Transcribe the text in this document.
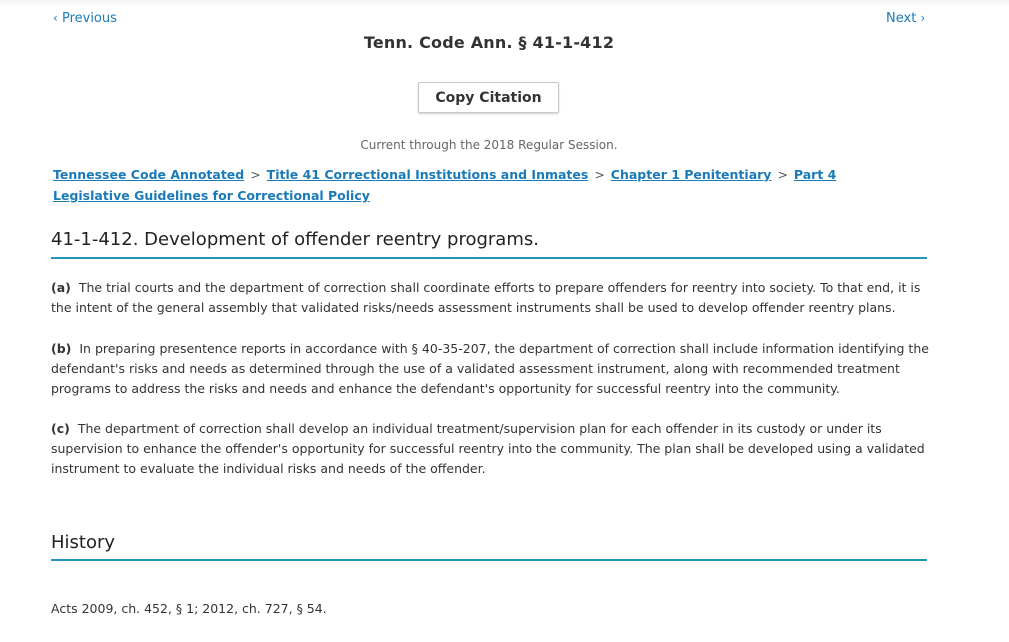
‹ Previous	Next ›
Tenn. Code Ann. § 41-1-412
Copy Citation
Current through the 2018 Regular Session.
Tennessee Code Annotated > Title 41 Correctional Institutions and Inmates > Chapter 1 Penitentiary > Part 4 Legislative Guidelines for Correctional Policy
41-1-412. Development of offender reentry programs.
(a) The trial courts and the department of correction shall coordinate efforts to prepare offenders for reentry into society. To that end, it is the intent of the general assembly that validated risks/needs assessment instruments shall be used to develop offender reentry plans.
(b) In preparing presentence reports in accordance with § 40-35-207, the department of correction shall include information identifying the defendant's risks and needs as determined through the use of a validated assessment instrument, along with recommended treatment programs to address the risks and needs and enhance the defendant's opportunity for successful reentry into the community.
(c) The department of correction shall develop an individual treatment/supervision plan for each offender in its custody or under its supervision to enhance the offender's opportunity for successful reentry into the community. The plan shall be developed using a validated instrument to evaluate the individual risks and needs of the offender.
History
Acts 2009, ch. 452, § 1; 2012, ch. 727, § 54.
